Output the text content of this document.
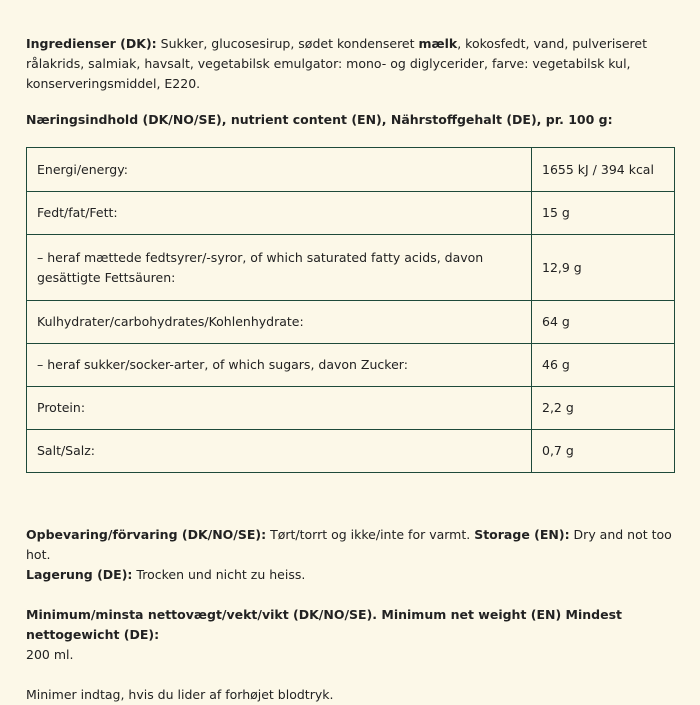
Ingredienser (DK): Sukker, glucosesirup, sødet kondenseret mælk, kokosfedt, vand, pulveriseret rålakrids, salmiak, havsalt, vegetabilsk emulgator: mono- og diglycerider, farve: vegetabilsk kul, konserveringsmiddel, E220.

Næringsindhold (DK/NO/SE), nutrient content (EN), Nährstoffgehalt (DE), pr. 100 g:

Energi/energy:	1655 kJ / 394 kcal
Fedt/fat/Fett:	15 g
– heraf mættede fedtsyrer/-syror, of which saturated fatty acids, davon gesättigte Fettsäuren:	12,9 g
Kulhydrater/carbohydrates/Kohlenhydrate:	64 g
– heraf sukker/socker-arter, of which sugars, davon Zucker:	46 g
Protein:	2,2 g
Salt/Salz:	0,7 g

Opbevaring/förvaring (DK/NO/SE): Tørt/torrt og ikke/inte for varmt. Storage (EN): Dry and not too hot.
Lagerung (DE): Trocken und nicht zu heiss.

Minimum/minsta nettovægt/vekt/vikt (DK/NO/SE). Minimum net weight (EN) Mindest nettogewicht (DE):
200 ml.

Minimer indtag, hvis du lider af forhøjet blodtryk.
